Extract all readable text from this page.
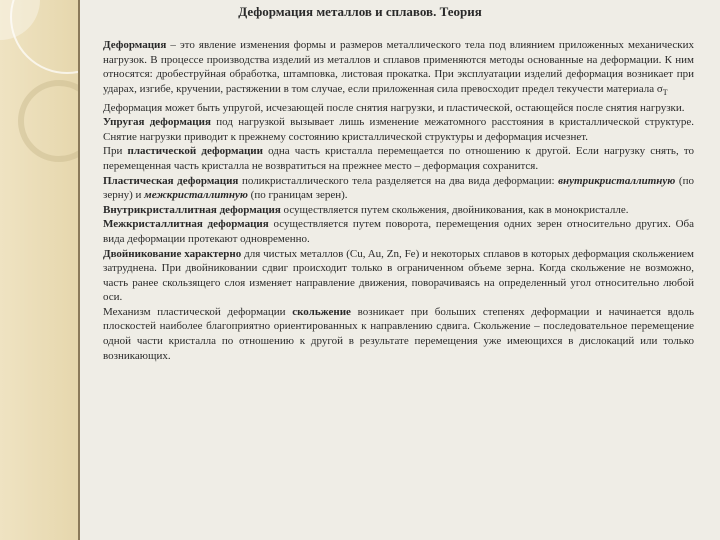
Деформация металлов и сплавов. Теория

Деформация – это явление изменения формы и размеров металлического тела под влиянием приложенных механических нагрузок. В процессе производства изделий из металлов и сплавов применяются методы основанные на деформации. К ним относятся: дробеструйная обработка, штамповка, листовая прокатка. При эксплуатации изделий деформация возникает при ударах, изгибе, кручении, растяжении в том случае, если приложенная сила превосходит предел текучести материала $\sigma_T$

Деформация может быть упругой, исчезающей после снятия нагрузки, и пластической, остающейся после снятия нагрузки.

Упругая деформация под нагрузкой вызывает лишь изменение межатомного расстояния в кристаллической структуре. Снятие нагрузки приводит к прежнему состоянию кристаллической структуры и деформация исчезнет.

При пластической деформации одна часть кристалла перемещается по отношению к другой. Если нагрузку снять, то перемещенная часть кристалла не возвратиться на прежнее место – деформация сохранится.

Пластическая деформация поликристаллического тела разделяется на два вида деформации: внутрикристаллитную (по зерну) и межкристаллитную (по границам зерен).

Внутрикристаллитная деформация осуществляется путем скольжения, двойникования, как в монокристалле.

Межкристаллитная деформация осуществляется путем поворота, перемещения одних зерен относительно других. Оба вида деформации протекают одновременно.

Двойникование характерно для чистых металлов (Cu, Au, Zn, Fe) и некоторых сплавов в которых деформация скольжением затруднена. При двойниковании сдвиг происходит только в ограниченном объеме зерна. Когда скольжение не возможно, часть ранее скользящего слоя изменяет направление движения, поворачиваясь на определенный угол относительно любой оси.

Механизм пластической деформации скольжение возникает при больших степенях деформации и начинается вдоль плоскостей наиболее благоприятно ориентированных к направлению сдвига. Скольжение – последовательное перемещение одной части кристалла по отношению к другой в результате перемещения уже имеющихся в дислокаций или только возникающих.
